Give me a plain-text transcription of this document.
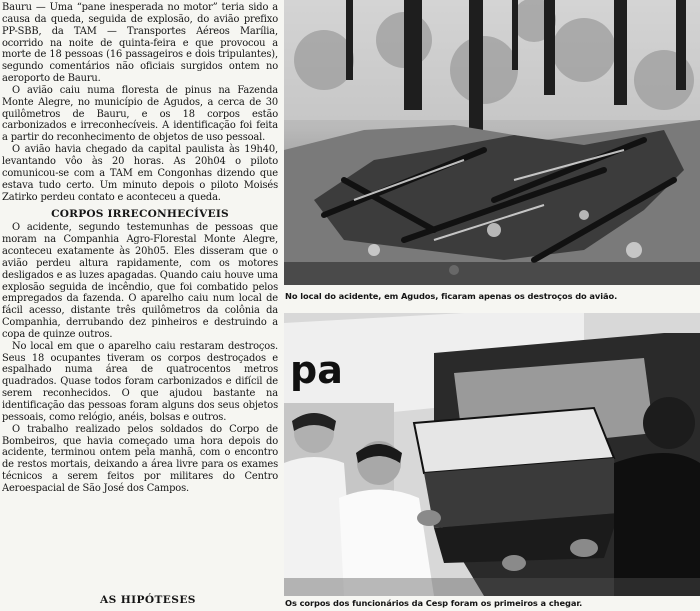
Bauru — Uma “pane inesperada no motor” teria sido a causa da queda, seguida de explosão, do avião prefixo PP-SBB, da TAM — Transportes Aéreos Marília, ocorrido na noite de quinta-feira e que provocou a morte de 18 pessoas (16 passageiros e dois tripulantes), segundo comentários não oficiais surgidos ontem no aeroporto de Bauru.

O avião caiu numa floresta de pinus na Fazenda Monte Alegre, no município de Agudos, a cerca de 30 quilômetros de Bauru, e os 18 corpos estão carbonizados e irreconhecíveis. A identificação foi feita a partir do reconhecimento de objetos de uso pessoal.

O avião havia chegado da capital paulista às 19h40, levantando vôo às 20 horas. As 20h04 o piloto comunicou-se com a TAM em Congonhas dizendo que estava tudo certo. Um minuto depois o piloto Moisés Zatirko perdeu contato e aconteceu a queda.

CORPOS IRRECONHECÍVEIS

O acidente, segundo testemunhas de pessoas que moram na Companhia Agro-Florestal Monte Alegre, aconteceu exatamente às 20h05. Eles disseram que o avião perdeu altura rapidamente, com os motores desligados e as luzes apagadas. Quando caiu houve uma explosão seguida de incêndio, que foi combatido pelos empregados da fazenda. O aparelho caiu num local de fácil acesso, distante três quilômetros da colônia da Companhia, derrubando dez pinheiros e destruindo a copa de quinze outros.

No local em que o aparelho caiu restaram destroços. Seus 18 ocupantes tiveram os corpos destroçados e espalhado numa área de quatrocentos metros quadrados. Quase todos foram carbonizados e difícil de serem reconhecidos. O que ajudou bastante na identificação das pessoas foram alguns dos seus objetos pessoais, como relógio, anéis, bolsas e outros.

O trabalho realizado pelos soldados do Corpo de Bombeiros, que havia começado uma hora depois do acidente, terminou ontem pela manhã, com o encontro de restos mortais, deixando a área livre para os exames técnicos a serem feitos por militares do Centro Aeroespacial de São José dos Campos.

AS HIPÓTESES
No local do acidente, em Agudos, ficaram apenas os destroços do avião.
pa
Os corpos dos funcionários da Cesp foram os primeiros a chegar.
